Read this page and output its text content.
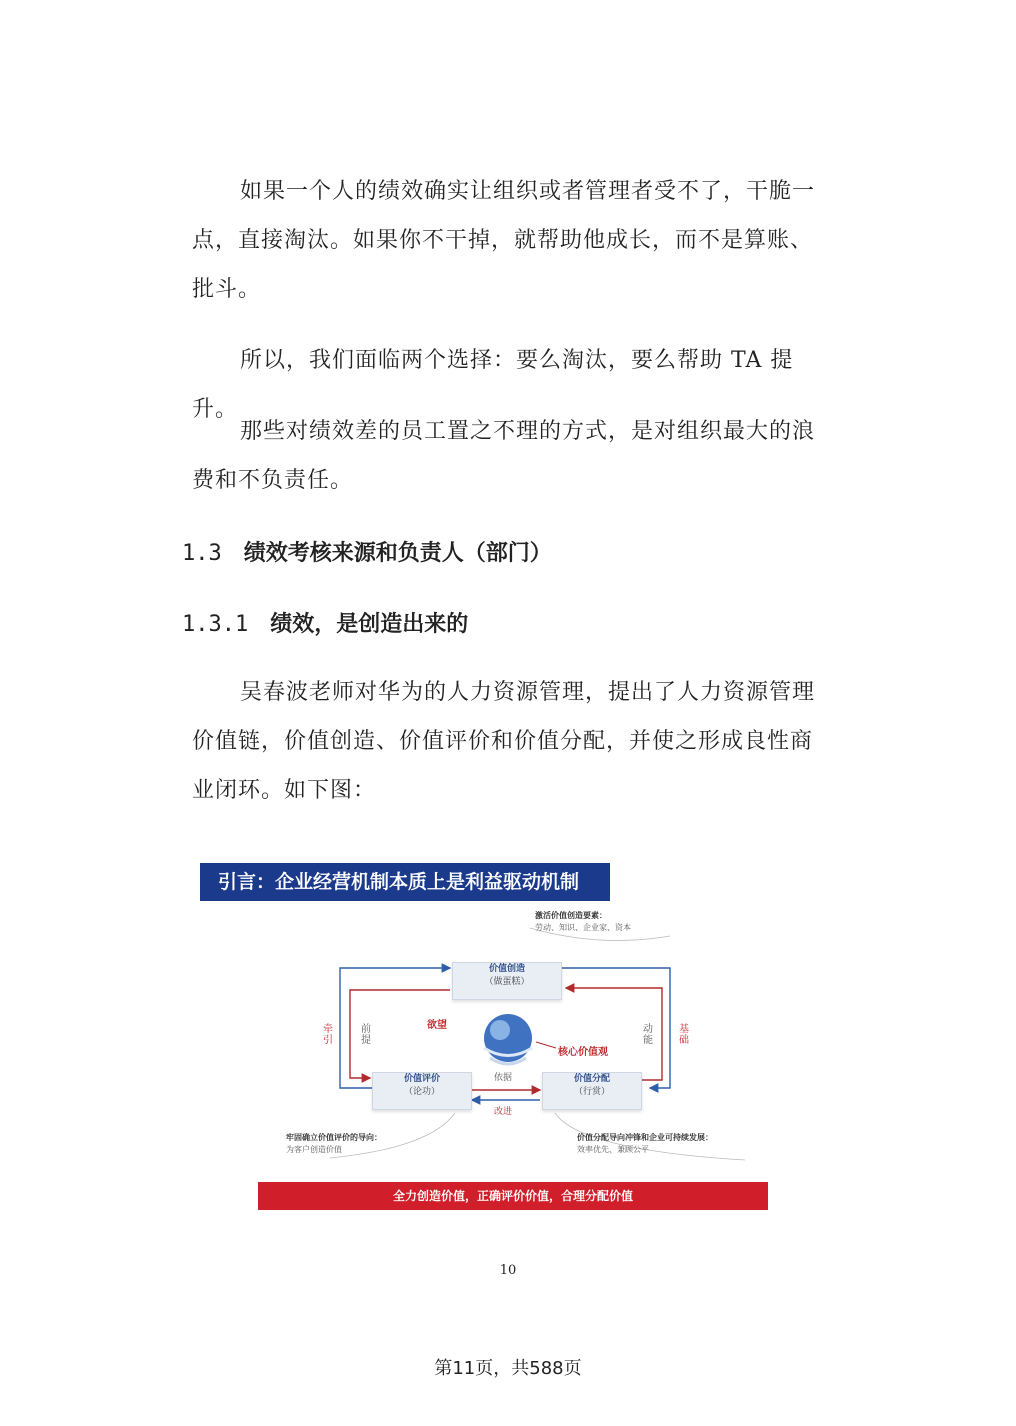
如果一个人的绩效确实让组织或者管理者受不了，干脆一点，直接淘汰。如果你不干掉，就帮助他成长，而不是算账、批斗。

所以，我们面临两个选择：要么淘汰，要么帮助 TA 提升。

那些对绩效差的员工置之不理的方式，是对组织最大的浪费和不负责任。

1.3 绩效考核来源和负责人（部门）
1.3.1 绩效，是创造出来的

吴春波老师对华为的人力资源管理，提出了人力资源管理价值链，价值创造、价值评价和价值分配，并使之形成良性商业闭环。如下图：

引言：企业经营机制本质上是利益驱动机制
激活价值创造要素：
劳动、知识、企业家、资本
价值创造
（做蛋糕）
价值评价
（论功）
价值分配
（行赏）
牵引
前提
动能
基础
欲望
核心价值观
依据
改进
牢固确立价值评价的导向：
为客户创造价值
价值分配导向冲锋和企业可持续发展：
效率优先、兼顾公平
全力创造价值，正确评价价值，合理分配价值
10
第11页，共588页
